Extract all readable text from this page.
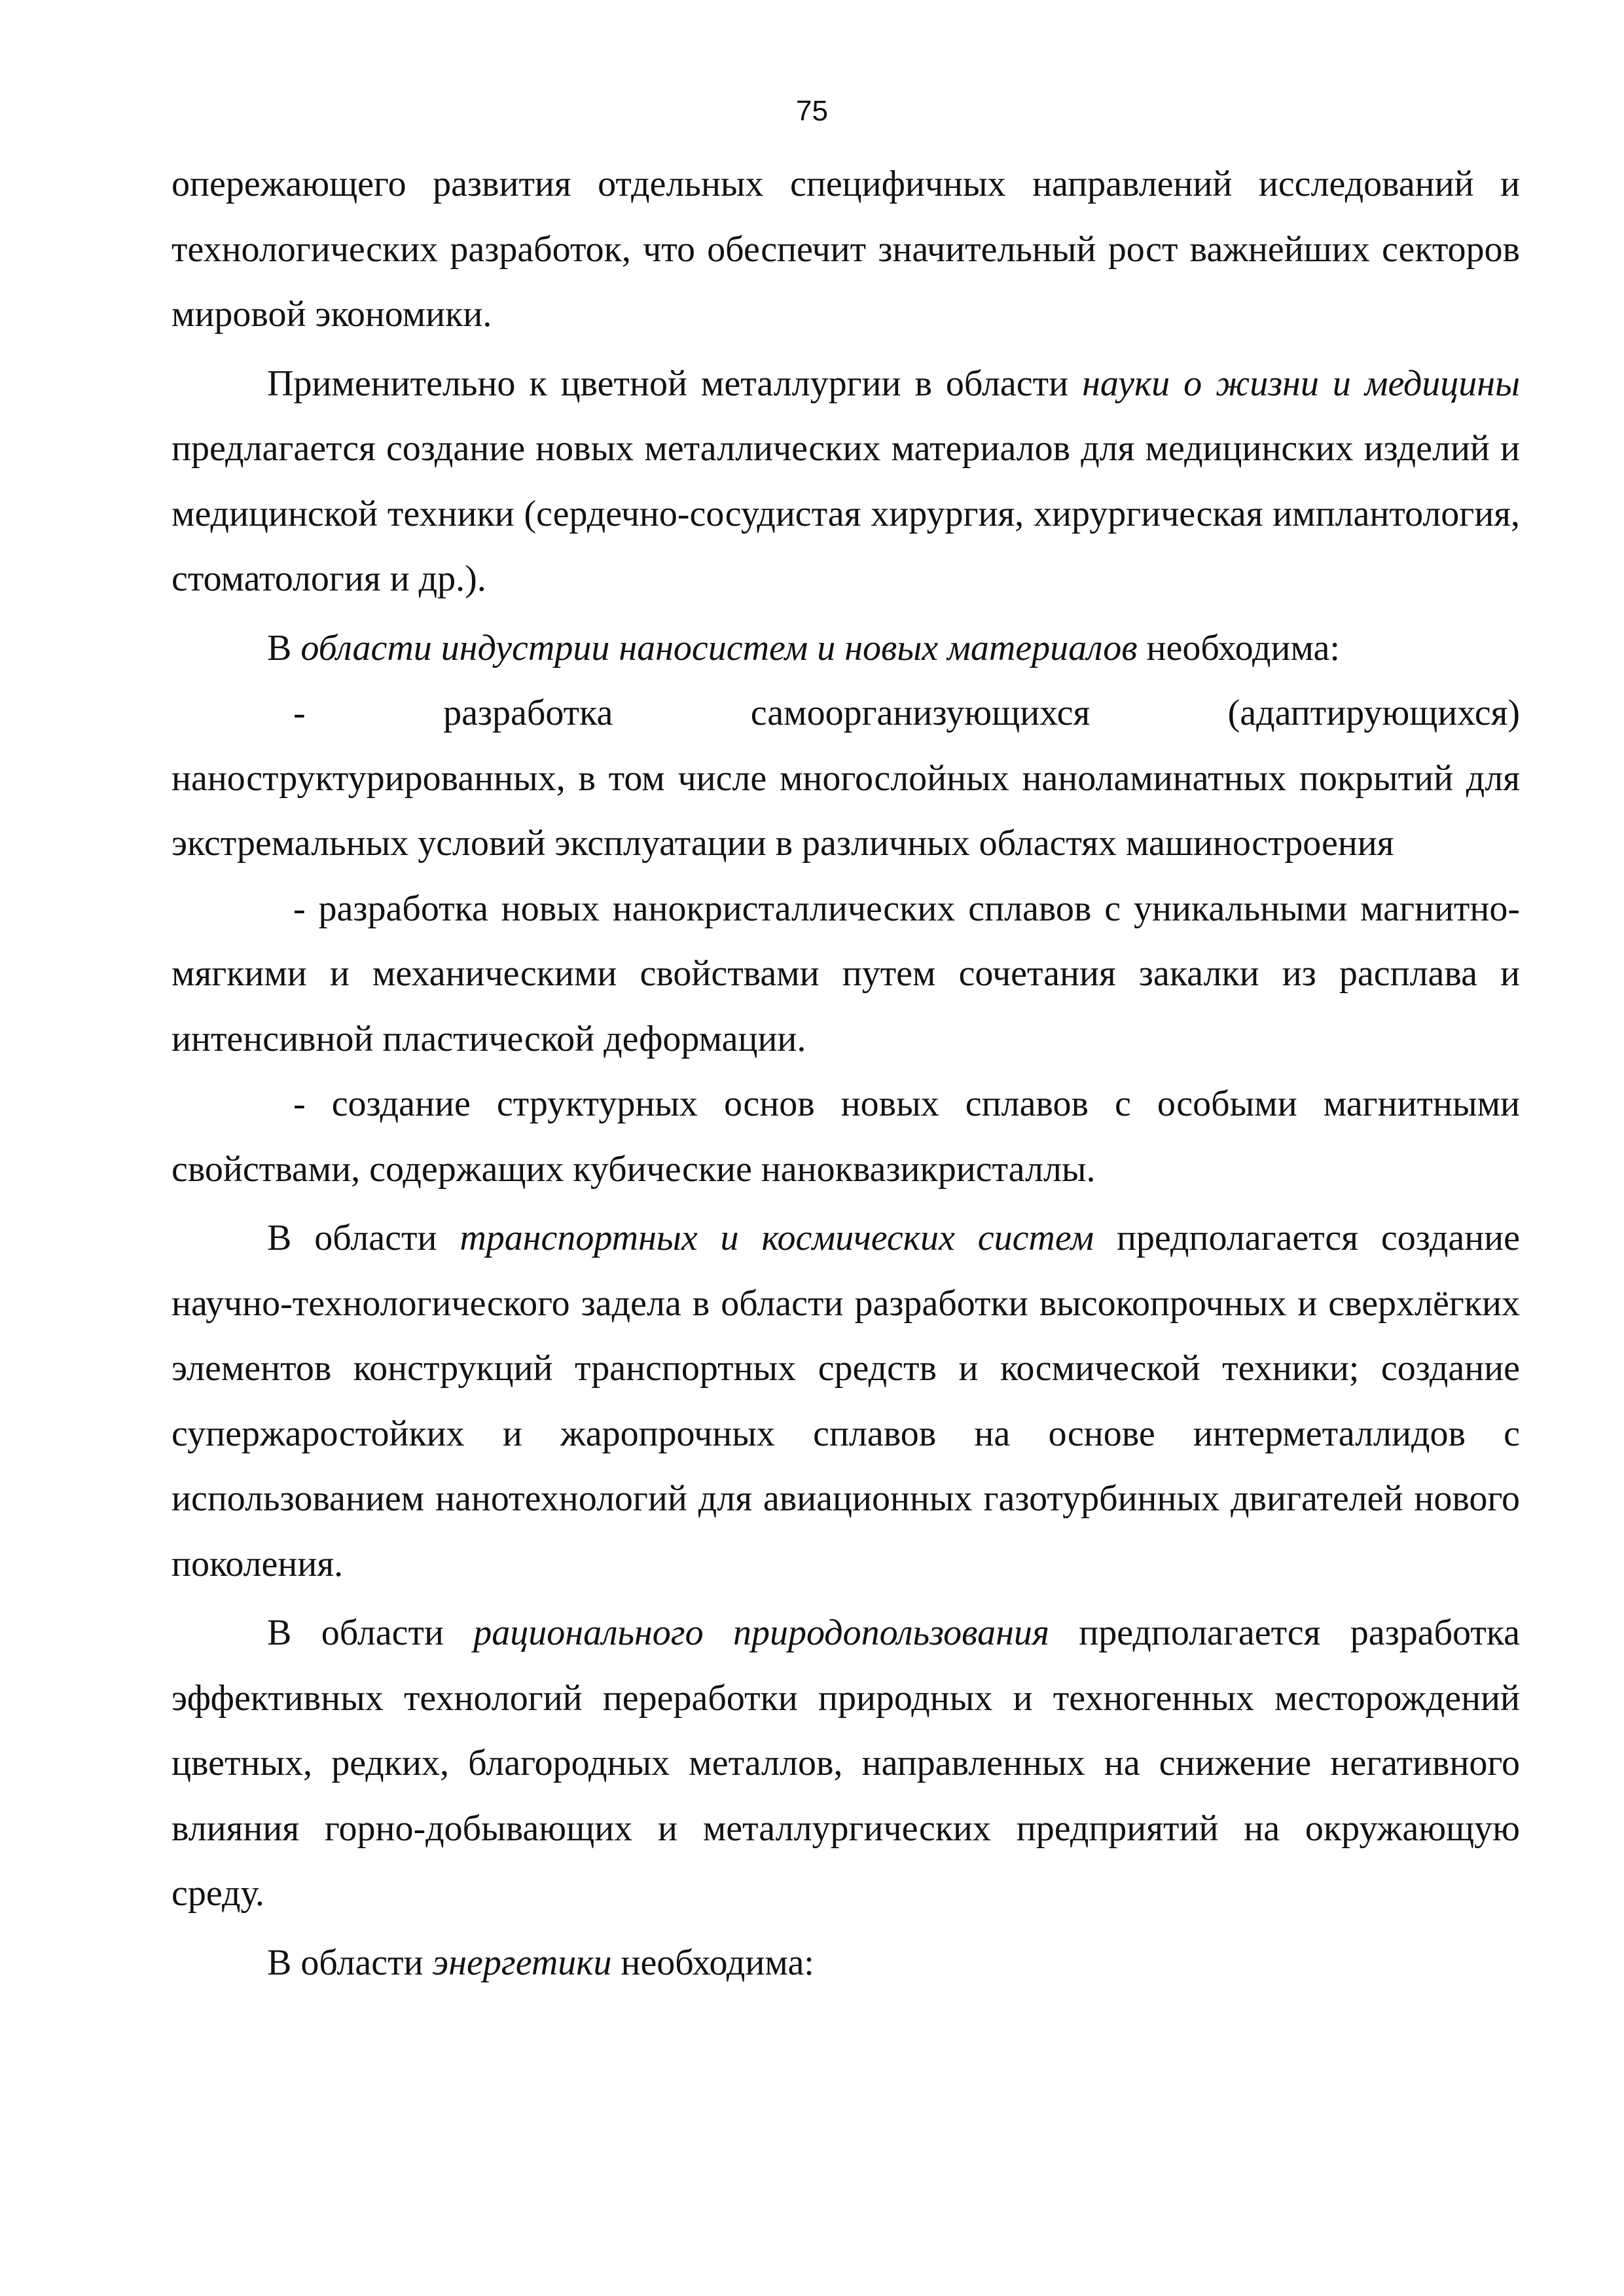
75

опережающего развития отдельных специфичных направлений исследований и технологических разработок, что обеспечит значительный рост важнейших секторов мировой экономики.

Применительно к цветной металлургии в области науки о жизни и медицины предлагается создание новых металлических материалов для медицинских изделий и медицинской техники (сердечно-сосудистая хирургия, хирургическая имплантология, стоматология и др.).

В области индустрии наносистем и новых материалов необходима:

- разработка самоорганизующихся (адаптирующихся) наноструктурированных, в том числе многослойных наноламинатных покрытий для экстремальных условий эксплуатации в различных областях машиностроения

- разработка новых нанокристаллических сплавов с уникальными магнитно-мягкими и механическими свойствами путем сочетания закалки из расплава и интенсивной пластической деформации.

- создание структурных основ новых сплавов с особыми магнитными свойствами, содержащих кубические наноквазикристаллы.

В области транспортных и космических систем предполагается создание научно-технологического задела в области разработки высокопрочных и сверхлёгких элементов конструкций транспортных средств и космической техники; создание супержаростойких и жаропрочных сплавов на основе интерметаллидов с использованием нанотехнологий для авиационных газотурбинных двигателей нового поколения.

В области рационального природопользования предполагается разработка эффективных технологий переработки природных и техногенных месторождений цветных, редких, благородных металлов, направленных на снижение негативного влияния горно-добывающих и металлургических предприятий на окружающую среду.

В области энергетики необходима:
